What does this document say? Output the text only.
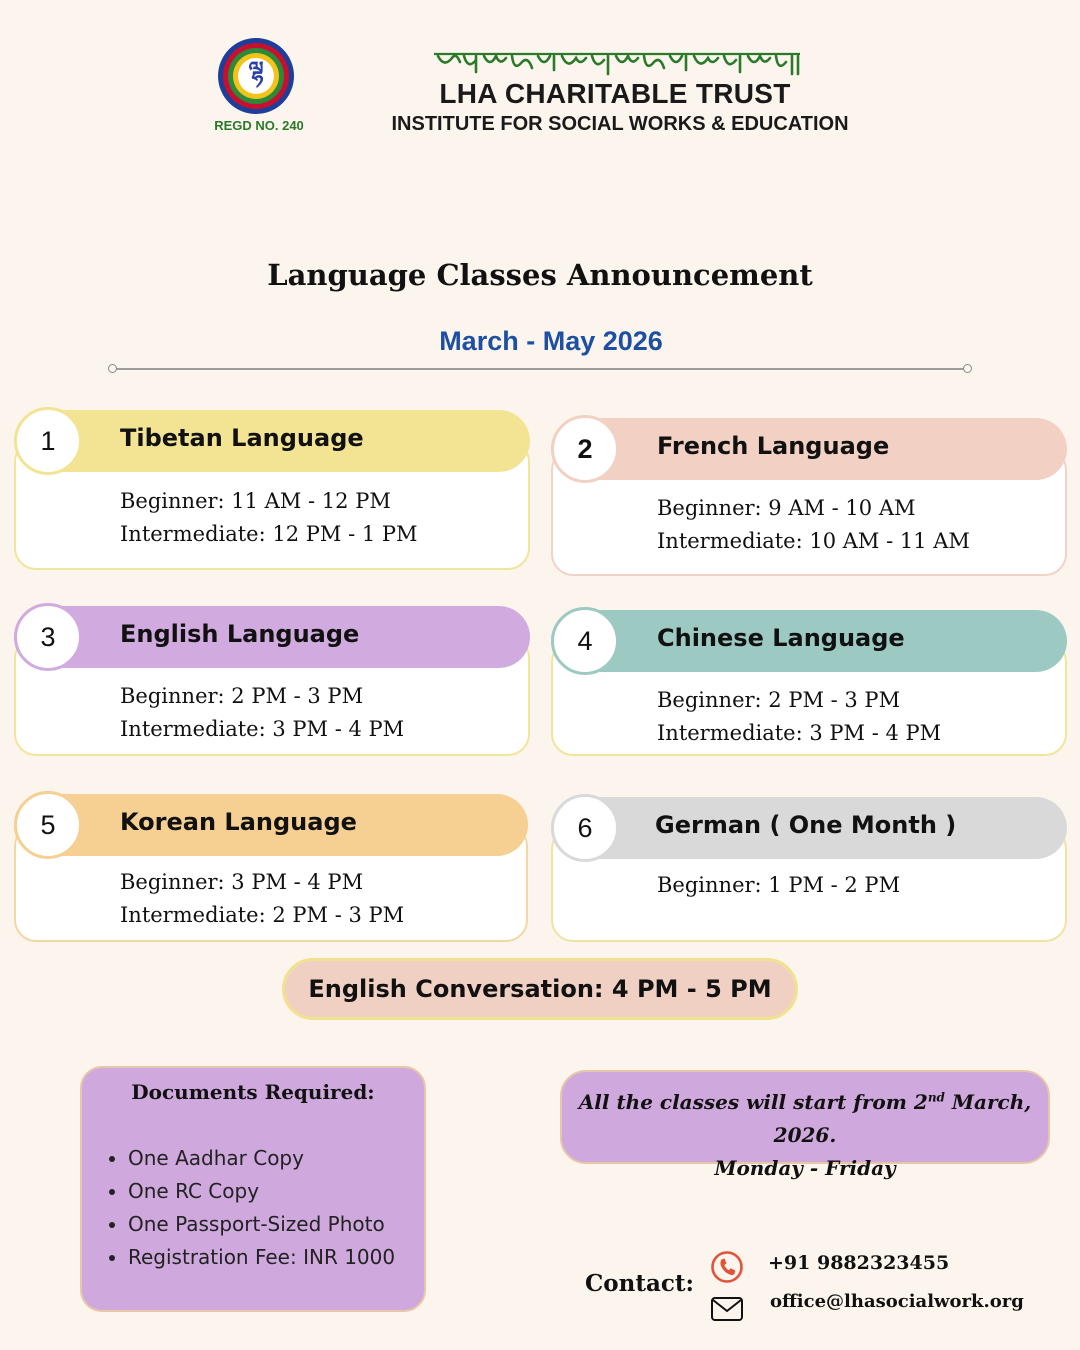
ལྷ
REGD NO. 240
LHA CHARITABLE TRUST
INSTITUTE FOR SOCIAL WORKS & EDUCATION
Language Classes Announcement
March - May 2026
1	Tibetan Language
Beginner: 11 AM - 12 PM
Intermediate: 12 PM - 1 PM
2	French Language
Beginner: 9 AM - 10 AM
Intermediate: 10 AM - 11 AM
3	English Language
Beginner: 2 PM - 3 PM
Intermediate: 3 PM - 4 PM
4	Chinese Language
Beginner: 2 PM - 3 PM
Intermediate: 3 PM - 4 PM
5	Korean Language
Beginner: 3 PM - 4 PM
Intermediate: 2 PM - 3 PM
6	German ( One Month )
Beginner: 1 PM - 2 PM
English Conversation: 4 PM - 5 PM
Documents Required:
• One Aadhar Copy
• One RC Copy
• One Passport-Sized Photo
• Registration Fee: INR 1000
All the classes will start from 2nd March, 2026.
Monday - Friday
Contact:
+91 9882323455
office@lhasocialwork.org
